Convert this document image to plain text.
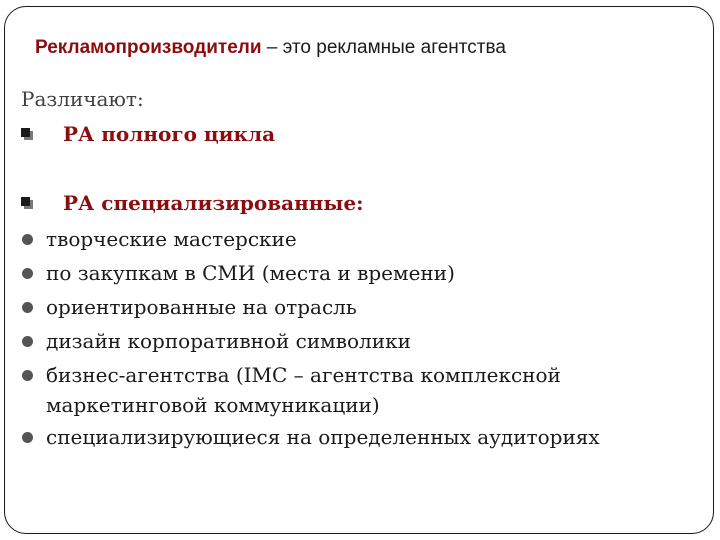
Рекламопроизводители – это рекламные агентства
Различают:
РА полного цикла
РА специализированные:
творческие мастерские
по закупкам в СМИ (места и времени)
ориентированные на отрасль
дизайн корпоративной символики
бизнес-агентства (IMC – агентства комплексной
маркетинговой коммуникации)
специализирующиеся на определенных аудиториях
